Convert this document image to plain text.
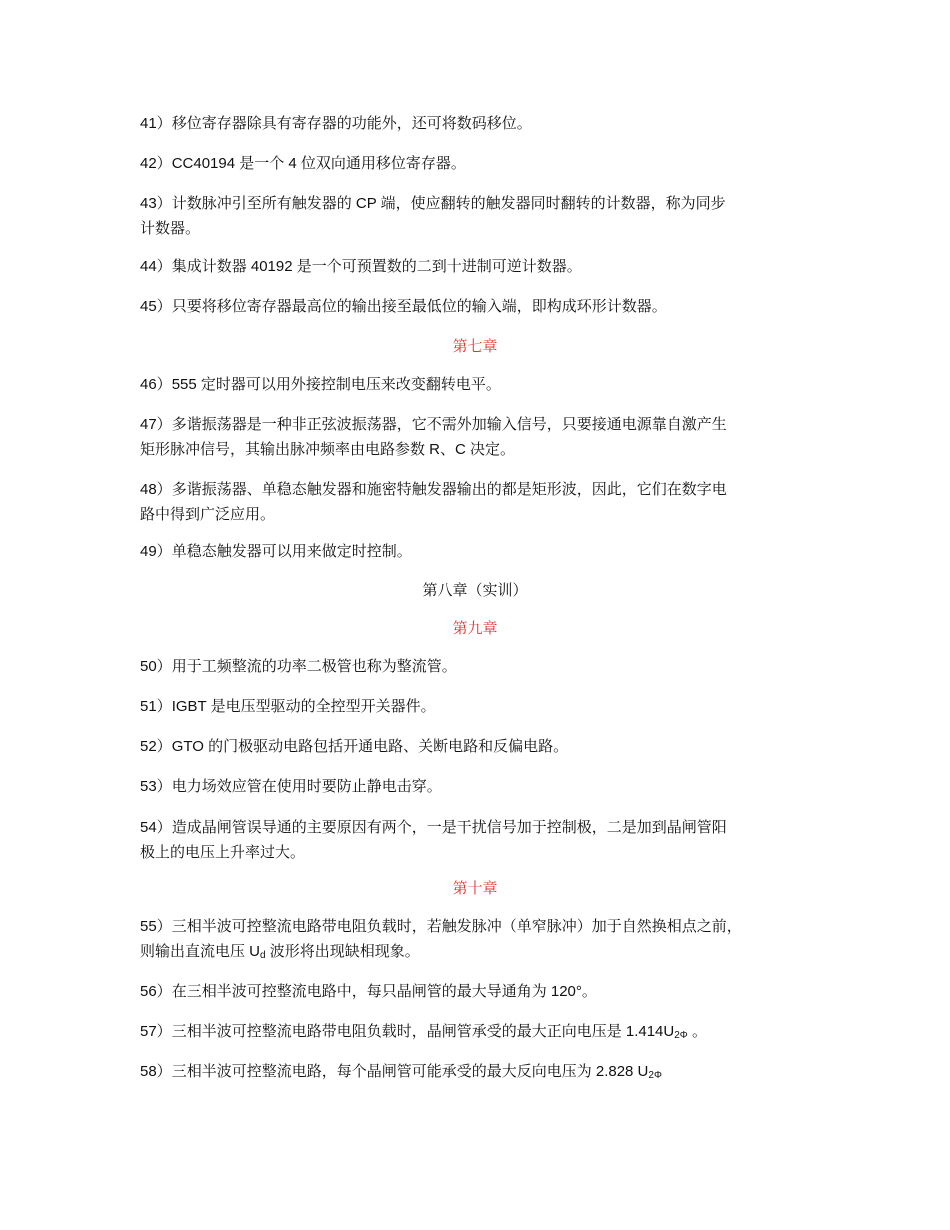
41）移位寄存器除具有寄存器的功能外，还可将数码移位。

42）CC40194 是一个 4 位双向通用移位寄存器。

43）计数脉冲引至所有触发器的 CP 端，使应翻转的触发器同时翻转的计数器，称为同步
计数器。

44）集成计数器 40192 是一个可预置数的二到十进制可逆计数器。

45）只要将移位寄存器最高位的输出接至最低位的输入端，即构成环形计数器。

第七章

46）555 定时器可以用外接控制电压来改变翻转电平。

47）多谐振荡器是一种非正弦波振荡器，它不需外加输入信号，只要接通电源靠自激产生
矩形脉冲信号，其输出脉冲频率由电路参数 R、C 决定。

48）多谐振荡器、单稳态触发器和施密特触发器输出的都是矩形波，因此，它们在数字电
路中得到广泛应用。

49）单稳态触发器可以用来做定时控制。

第八章（实训）

第九章

50）用于工频整流的功率二极管也称为整流管。

51）IGBT 是电压型驱动的全控型开关器件。

52）GTO 的门极驱动电路包括开通电路、关断电路和反偏电路。

53）电力场效应管在使用时要防止静电击穿。

54）造成晶闸管误导通的主要原因有两个，一是干扰信号加于控制极，二是加到晶闸管阳
极上的电压上升率过大。

第十章

55）三相半波可控整流电路带电阻负载时，若触发脉冲（单窄脉冲）加于自然换相点之前，
则输出直流电压 $U_d$ 波形将出现缺相现象。

56）在三相半波可控整流电路中，每只晶闸管的最大导通角为 120°。

57）三相半波可控整流电路带电阻负载时，晶闸管承受的最大正向电压是 $1.414U_{2\Phi}$ 。

58）三相半波可控整流电路，每个晶闸管可能承受的最大反向电压为 2.828 $U_{2\Phi}$
